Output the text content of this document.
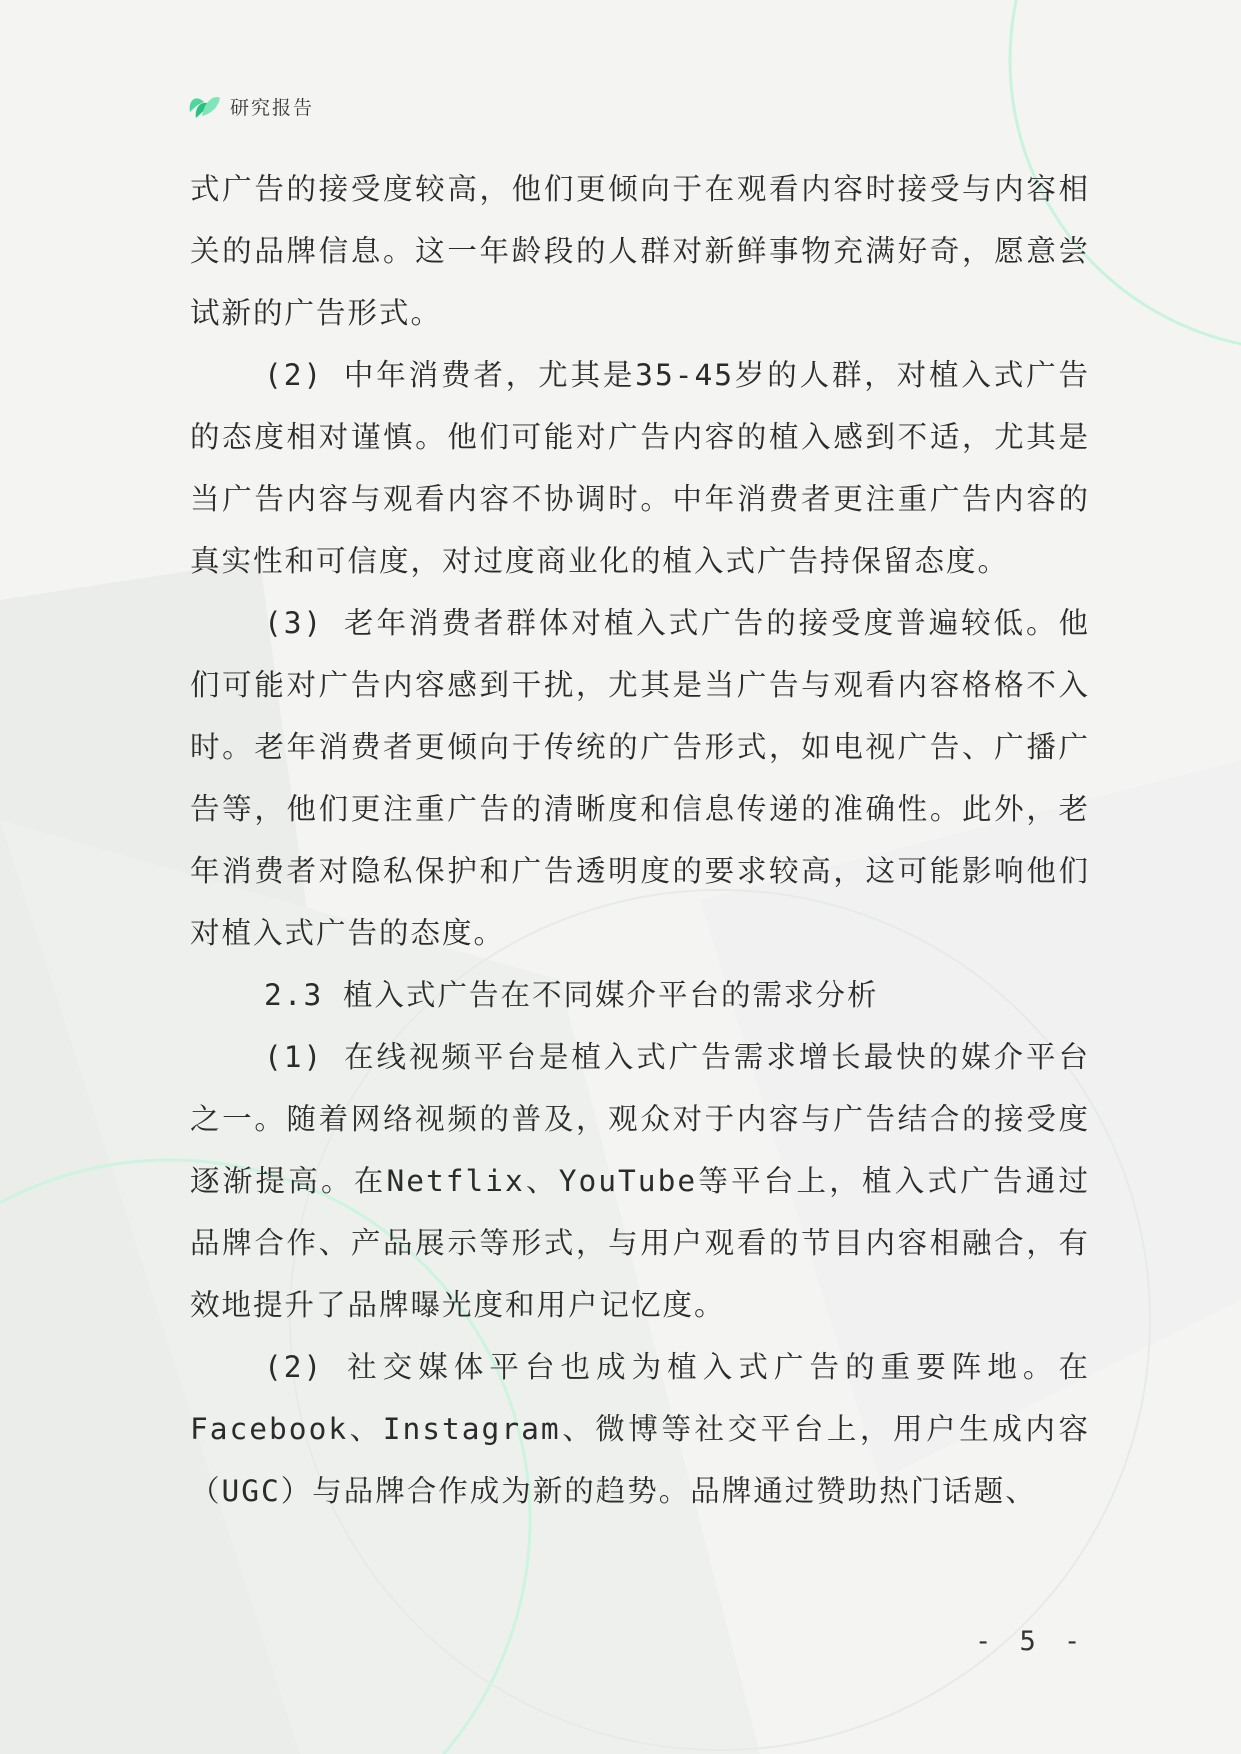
研究报告

式广告的接受度较高，他们更倾向于在观看内容时接受与内容相关的品牌信息。这一年龄段的人群对新鲜事物充满好奇，愿意尝试新的广告形式。

(2) 中年消费者，尤其是35-45岁的人群，对植入式广告的态度相对谨慎。他们可能对广告内容的植入感到不适，尤其是当广告内容与观看内容不协调时。中年消费者更注重广告内容的真实性和可信度，对过度商业化的植入式广告持保留态度。

(3) 老年消费者群体对植入式广告的接受度普遍较低。他们可能对广告内容感到干扰，尤其是当广告与观看内容格格不入时。老年消费者更倾向于传统的广告形式，如电视广告、广播广告等，他们更注重广告的清晰度和信息传递的准确性。此外，老年消费者对隐私保护和广告透明度的要求较高，这可能影响他们对植入式广告的态度。

2.3 植入式广告在不同媒介平台的需求分析

(1) 在线视频平台是植入式广告需求增长最快的媒介平台之一。随着网络视频的普及，观众对于内容与广告结合的接受度逐渐提高。在Netflix、YouTube等平台上，植入式广告通过品牌合作、产品展示等形式，与用户观看的节目内容相融合，有效地提升了品牌曝光度和用户记忆度。

(2) 社交媒体平台也成为植入式广告的重要阵地。在Facebook、Instagram、微博等社交平台上，用户生成内容（UGC）与品牌合作成为新的趋势。品牌通过赞助热门话题、

- 5 -
